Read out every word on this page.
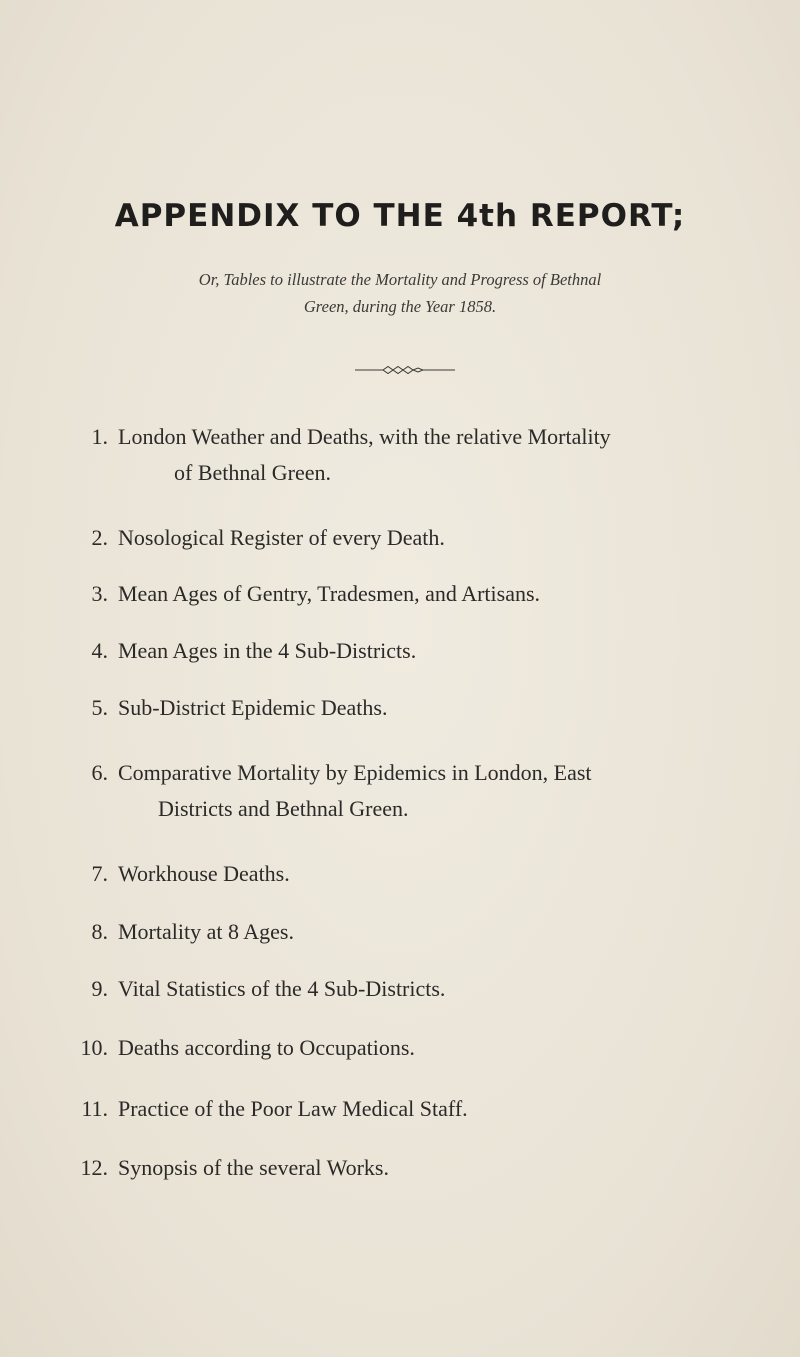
APPENDIX TO THE 4th REPORT;

Or, Tables to illustrate the Mortality and Progress of Bethnal
Green, during the Year 1858.

1. London Weather and Deaths, with the relative Mortality
of Bethnal Green.
2. Nosological Register of every Death.
3. Mean Ages of Gentry, Tradesmen, and Artisans.
4. Mean Ages in the 4 Sub-Districts.
5. Sub-District Epidemic Deaths.
6. Comparative Mortality by Epidemics in London, East
Districts and Bethnal Green.
7. Workhouse Deaths.
8. Mortality at 8 Ages.
9. Vital Statistics of the 4 Sub-Districts.
10. Deaths according to Occupations.
11. Practice of the Poor Law Medical Staff.
12. Synopsis of the several Works.
